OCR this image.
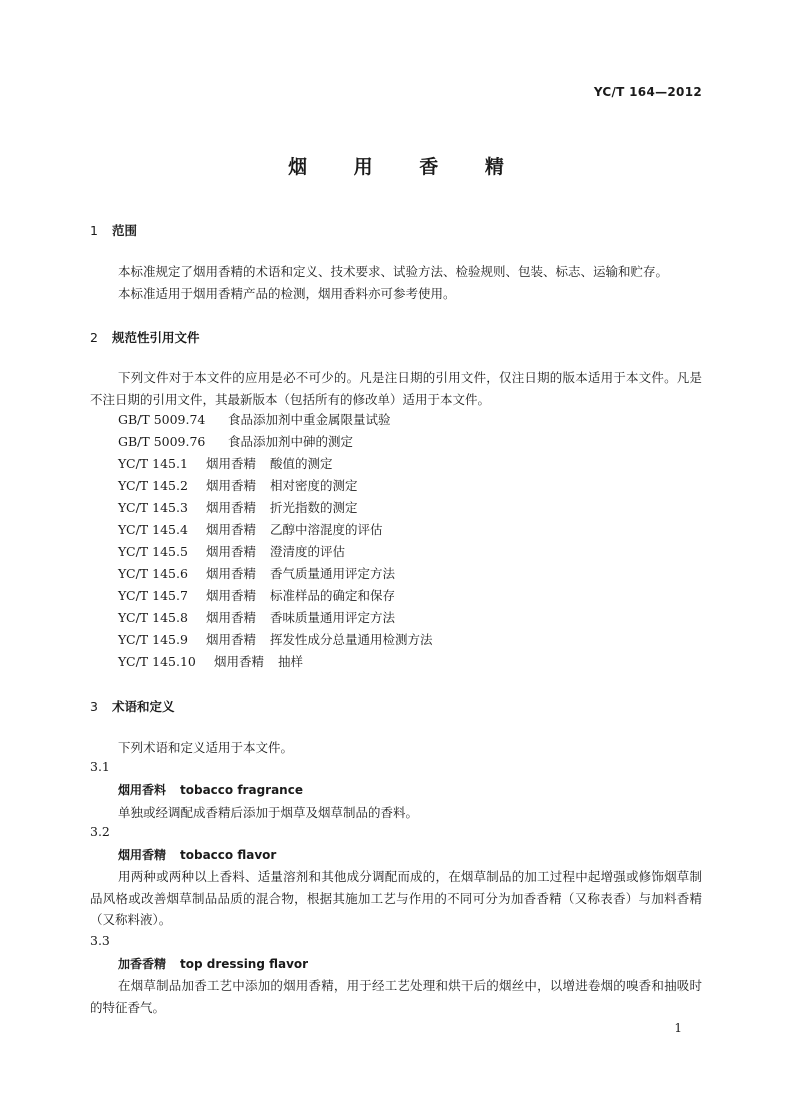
YC/T 164—2012
烟 用 香 精
1 范围
本标准规定了烟用香精的术语和定义、技术要求、试验方法、检验规则、包装、标志、运输和贮存。
本标准适用于烟用香精产品的检测，烟用香料亦可参考使用。
2 规范性引用文件
下列文件对于本文件的应用是必不可少的。凡是注日期的引用文件，仅注日期的版本适用于本文件。凡是不注日期的引用文件，其最新版本（包括所有的修改单）适用于本文件。
GB/T 5009.74 食品添加剂中重金属限量试验
GB/T 5009.76 食品添加剂中砷的测定
YC/T 145.1 烟用香精 酸值的测定
YC/T 145.2 烟用香精 相对密度的测定
YC/T 145.3 烟用香精 折光指数的测定
YC/T 145.4 烟用香精 乙醇中溶混度的评估
YC/T 145.5 烟用香精 澄清度的评估
YC/T 145.6 烟用香精 香气质量通用评定方法
YC/T 145.7 烟用香精 标准样品的确定和保存
YC/T 145.8 烟用香精 香味质量通用评定方法
YC/T 145.9 烟用香精 挥发性成分总量通用检测方法
YC/T 145.10 烟用香精 抽样
3 术语和定义
下列术语和定义适用于本文件。
3.1
烟用香料 tobacco fragrance
单独或经调配成香精后添加于烟草及烟草制品的香料。
3.2
烟用香精 tobacco flavor
用两种或两种以上香料、适量溶剂和其他成分调配而成的，在烟草制品的加工过程中起增强或修饰烟草制品风格或改善烟草制品品质的混合物，根据其施加工艺与作用的不同可分为加香香精（又称表香）与加料香精（又称料液）。
3.3
加香香精 top dressing flavor
在烟草制品加香工艺中添加的烟用香精，用于经工艺处理和烘干后的烟丝中，以增进卷烟的嗅香和抽吸时的特征香气。
1
